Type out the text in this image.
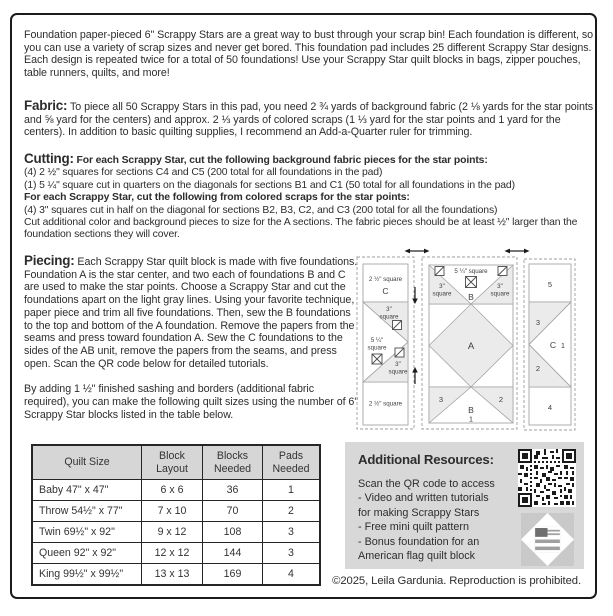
Foundation paper-pieced 6" Scrappy Stars are a great way to bust through your scrap bin! Each foundation is different, so you can use a variety of scrap sizes and never get bored. This foundation pad includes 25 different Scrappy Star designs. Each design is repeated twice for a total of 50 foundations! Use your Scrappy Star quilt blocks in bags, zipper pouches, table runners, quilts, and more!

Fabric: To piece all 50 Scrappy Stars in this pad, you need 2 ¾ yards of background fabric (2 ⅛ yards for the star points and ⅝ yard for the centers) and approx. 2 ⅓ yards of colored scraps (1 ⅓ yard for the star points and 1 yard for the centers). In addition to basic quilting supplies, I recommend an Add-a-Quarter ruler for trimming.

Cutting: For each Scrappy Star, cut the following background fabric pieces for the star points:

(4) 2 ½" squares for sections C4 and C5 (200 total for all foundations in the pad)

(1) 5 ¼" square cut in quarters on the diagonals for sections B1 and C1 (50 total for all foundations in the pad)

For each Scrappy Star, cut the following from colored scraps for the star points:

(4) 3" squares cut in half on the diagonal for sections B2, B3, C2, and C3 (200 total for all the foundations)

Cut additional color and background pieces to size for the A sections. The fabric pieces should be at least ½" larger than the foundation sections they will cover.

Piecing: Each Scrappy Star quilt block is made with five foundations. Foundation A is the star center, and two each of foundations B and C are used to make the star points. Choose a Scrappy Star and cut the foundations apart on the light gray lines. Using your favorite technique, paper piece and trim all five foundations. Then, sew the B foundations to the top and bottom of the A foundation. Remove the papers from the seams and press toward foundation A. Sew the C foundations to the sides of the AB unit, remove the papers from the seams, and press open. Scan the QR code below for detailed tutorials.

By adding 1 ½" finished sashing and borders (additional fabric required), you can make the following quilt sizes using the number of 6" Scrappy Star blocks listed in the table below.

2 ½" square
C
3"
square
5 ¼"
square
3"
square
2 ½" square
5 ¼" square
3"
square
3"
square
B
A
3	2
B
1
5
3
C 1
2
4
Quilt Size	Block Layout	Blocks Needed	Pads Needed
Baby 47" x 47"	6 x 6	36	1
Throw 54½" x 77"	7 x 10	70	2
Twin 69½" x 92"	9 x 12	108	3
Queen 92" x 92"	12 x 12	144	3
King 99½" x 99½"	13 x 13	169	4
Additional Resources:
Scan the QR code to access
- Video and written tutorials
for making Scrappy Stars
- Free mini quilt pattern
- Bonus foundation for an
American flag quilt block
©2025, Leila Gardunia. Reproduction is prohibited.
